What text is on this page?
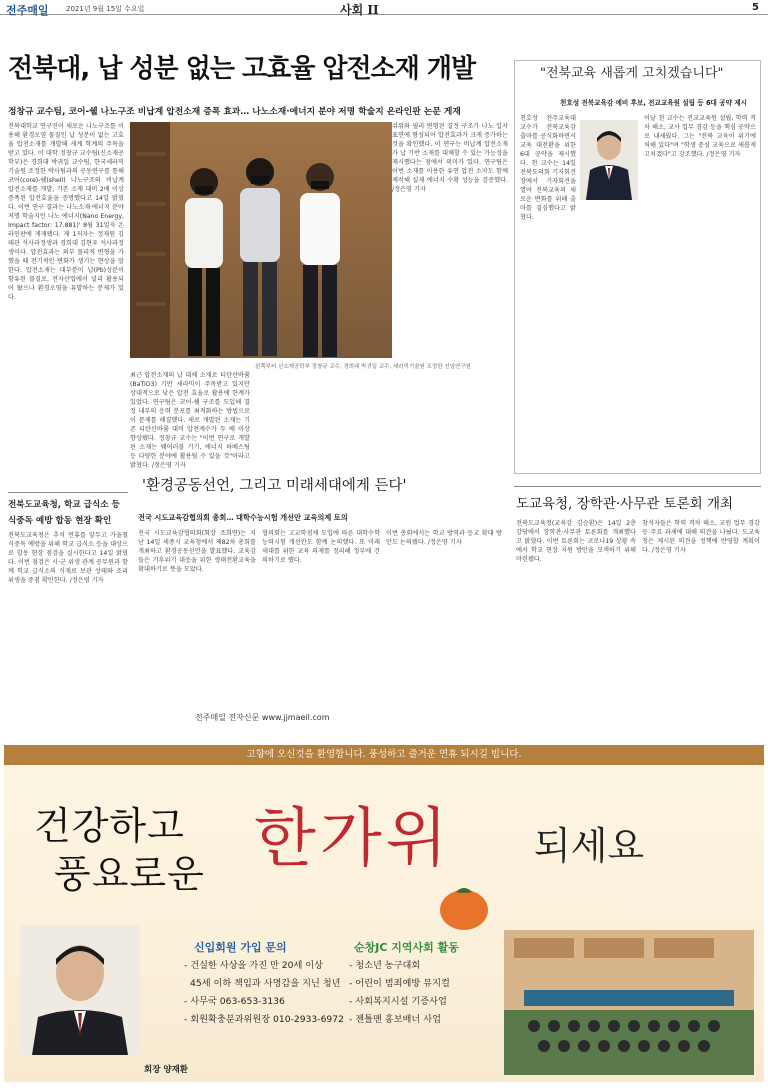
전주매일 2021년 9월 15일 수요일	사회 II	5
전북대, 납 성분 없는 고효율 압전소재 개발
정창규 교수팀, 코어-쉘 나노구조 비납계 압전소재 증폭 효과… 나노소재·에너지 분야 저명 학술지 온라인판 논문 게재
전북대학교 연구진이 새로운 나노구조를 이용해 환경오염 물질인 납 성분이 없는 고효율 압전소재를 개발해 세계 학계의 주목을 받고 있다. 이 대학 정창규 교수팀(신소재공학부)은 경희대 박귀일 교수팀, 한국세라믹기술원 조정한 박사팀과의 공동연구를 통해 코어(core)-쉘(shell) 나노구조의 비납계 압전소재를 개발, 기존 소재 대비 2배 이상 증폭된 압전효율을 증명했다고 14일 밝혔다. 이번 연구 결과는 나노소재·에너지 분야 저명 학술지인 나노 에너지(Nano Energy, Impact factor: 17.881)' 8월 31일자 온라인판에 게재됐다. 제 1저자는 정재원 김태관 석사과정생과 경희대 김현우 석사과정생이다. 압전효과는 외부 물리적 변형을 가했을 때 전기적인 변화가 생기는 현상을 말한다. 압전소재는 대부분이 납(Pb)성분이 함유된 물질로, 전자산업에서 널리 활용되어 왔으나 환경오염을 유발하는 문제가 있다.
왼쪽부터 신소재공학부 정창규 교수, 경희대 박귀일 교수, 세라믹기술원 조정한 선임연구원
최근 압전소재의 납 대체 소재로 티탄산바륨(BaTiO3) 기반 세라믹이 주목받고 있지만 상대적으로 낮은 압전 효율로 활용에 한계가 있었다. 연구팀은 코어-쉘 구조를 도입해 결정 내부의 응력 분포를 최적화하는 방법으로 이 문제를 해결했다. 새로 개발된 소재는 기존 티탄산바륨 대비 압전계수가 두 배 이상 향상됐다. 정창규 교수는 "이번 연구로 개발된 소재는 웨어러블 기기, 에너지 하베스팅 등 다양한 분야에 활용될 수 있을 것"이라고 밝혔다. /정은영 기자
쉬워와 필리 변형된 결정 구조가 나노 입자 표면에 형성되어 압전효과가 크게 증가하는 것을 확인했다. 이 연구는 비납계 압전소재가 납 기반 소재를 대체할 수 있는 가능성을 제시했다는 점에서 의미가 있다. 연구팀은 이번 소재를 이용한 유연 압전 소자도 함께 제작해 실제 에너지 수확 성능을 검증했다. /정은영 기자
"전북교육 새롭게 고치겠습니다"
천호성 전북교육감 예비 후보, 전교교육원 설립 등 6대 공약 제시
천호성 전주교육대 교수가 전북교육감 출마를 공식화하면서 교육 대전환을 위한 6대 공약을 제시했다. 천 교수는 14일 전북도의회 기자회견장에서 기자회견을 열어 전북교육의 새로운 변화를 위해 출마를 결심했다고 밝혔다.
이날 천 교수는 전교교육원 설립, 학력 격차 해소, 교사 업무 경감 등을 핵심 공약으로 내세웠다. 그는 "전북 교육이 위기에 처해 있다"며 "학생 중심 교육으로 새롭게 고치겠다"고 강조했다. /정은영 기자
전북도교육청, 학교 급식소 등
식중독 예방 합동 현장 확인
전북도교육청은 추석 연휴를 앞두고 가을철 식중독 예방을 위해 학교 급식소 등을 대상으로 합동 현장 점검을 실시한다고 14일 밝혔다. 이번 점검은 시·군 위생 관계 공무원과 함께 학교 급식소의 식재료 보관 상태와 조리 위생을 중점 확인한다. /정은영 기자
'환경공동선언, 그리고 미래세대에게 든다'
전국 시도교육감협의회 총회… 대학수능시험 개선안 교육의제 토의
전국 시도교육감협의회(회장 조희연)는 지난 14일 세종시 교육청에서 제82차 총회를 개최하고 환경공동선언을 발표했다. 교육감들은 기후위기 대응을 위한 생태전환교육을 확대하기로 뜻을 모았다.
협의회는 고교학점제 도입에 따른 대학수학능력시험 개선안도 함께 논의했다. 또 미래세대를 위한 교육 의제를 정리해 정부에 건의하기로 했다.
이번 총회에서는 학교 방역과 등교 확대 방안도 논의됐다. /정은영 기자
전주매일 전자신문 www.jjmaeil.com
도교육청, 장학관·사무관 토론회 개최
전북도교육청(교육감 김승환)은 14일 2층 강당에서 장학관·사무관 토론회를 개최했다고 밝혔다. 이번 토론회는 코로나19 상황 속에서 학교 현장 지원 방안을 모색하기 위해 마련됐다.
참석자들은 학력 격차 해소, 교원 업무 경감 등 주요 과제에 대해 의견을 나눴다. 도교육청은 제시된 의견을 정책에 반영할 계획이다. /정은영 기자
고향에 오신것을 환영합니다. 풍성하고 즐거운 연휴 되시길 빕니다.
건강하고
풍요로운 한가위 되세요
신입회원 가입 문의
- 건실한 사상을 가진 만 20세 이상
45세 이하 책임과 사명감을 지닌 청년
- 사무국 063-653-3136
- 회원확충분과위원장 010-2933-6972
순창JC 지역사회 활동
- 청소년 농구대회
- 어린이 범죄예방 뮤지컬
- 사회복지시설 기증사업
- 젠틀맨 홍보배너 사업
회장 양재환
